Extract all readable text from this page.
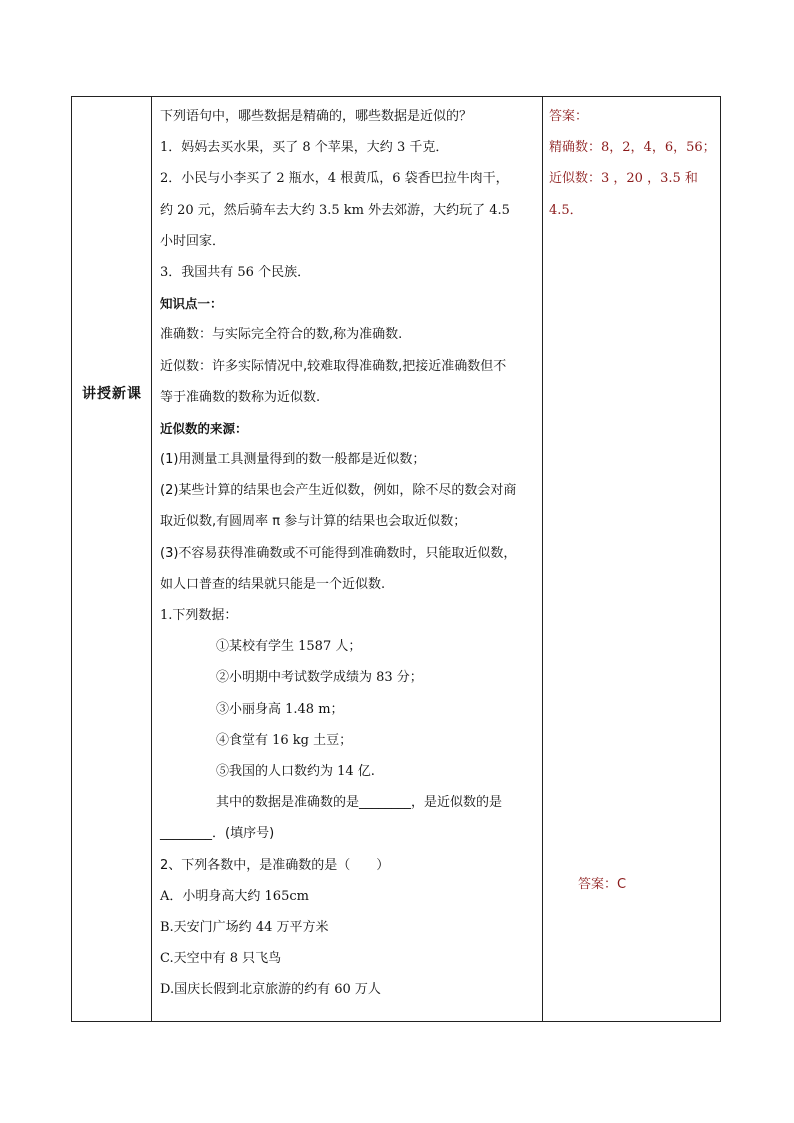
讲授新课
下列语句中，哪些数据是精确的，哪些数据是近似的？
1．妈妈去买水果，买了 8 个苹果，大约 3 千克．
2．小民与小李买了 2 瓶水，4 根黄瓜，6 袋香巴拉牛肉干，
约 20 元，然后骑车去大约 3.5 km 外去郊游，大约玩了 4.5
小时回家．
3．我国共有 56 个民族．
知识点一：
准确数：与实际完全符合的数,称为准确数.
近似数：许多实际情况中,较难取得准确数,把接近准确数但不
等于准确数的数称为近似数.
近似数的来源：
(1)用测量工具测量得到的数一般都是近似数；
(2)某些计算的结果也会产生近似数，例如，除不尽的数会对商
取近似数,有圆周率 π 参与计算的结果也会取近似数；
(3)不容易获得准确数或不可能得到准确数时，只能取近似数，
如人口普查的结果就只能是一个近似数.
1.下列数据：
①某校有学生 1587 人；
②小明期中考试数学成绩为 83 分；
③小丽身高 1.48 m；
④食堂有 16 kg 土豆；
⑤我国的人口数约为 14 亿.
其中的数据是准确数的是________，是近似数的是
________．(填序号)
2、下列各数中，是准确数的是（　　）
A．小明身高大约 165cm
B.天安门广场约 44 万平方米
C.天空中有 8 只飞鸟
D.国庆长假到北京旅游的约有 60 万人
答案：
精确数：8，2，4，6，56；
近似数：3 ，20 ，3.5 和
4.5．
答案：C
